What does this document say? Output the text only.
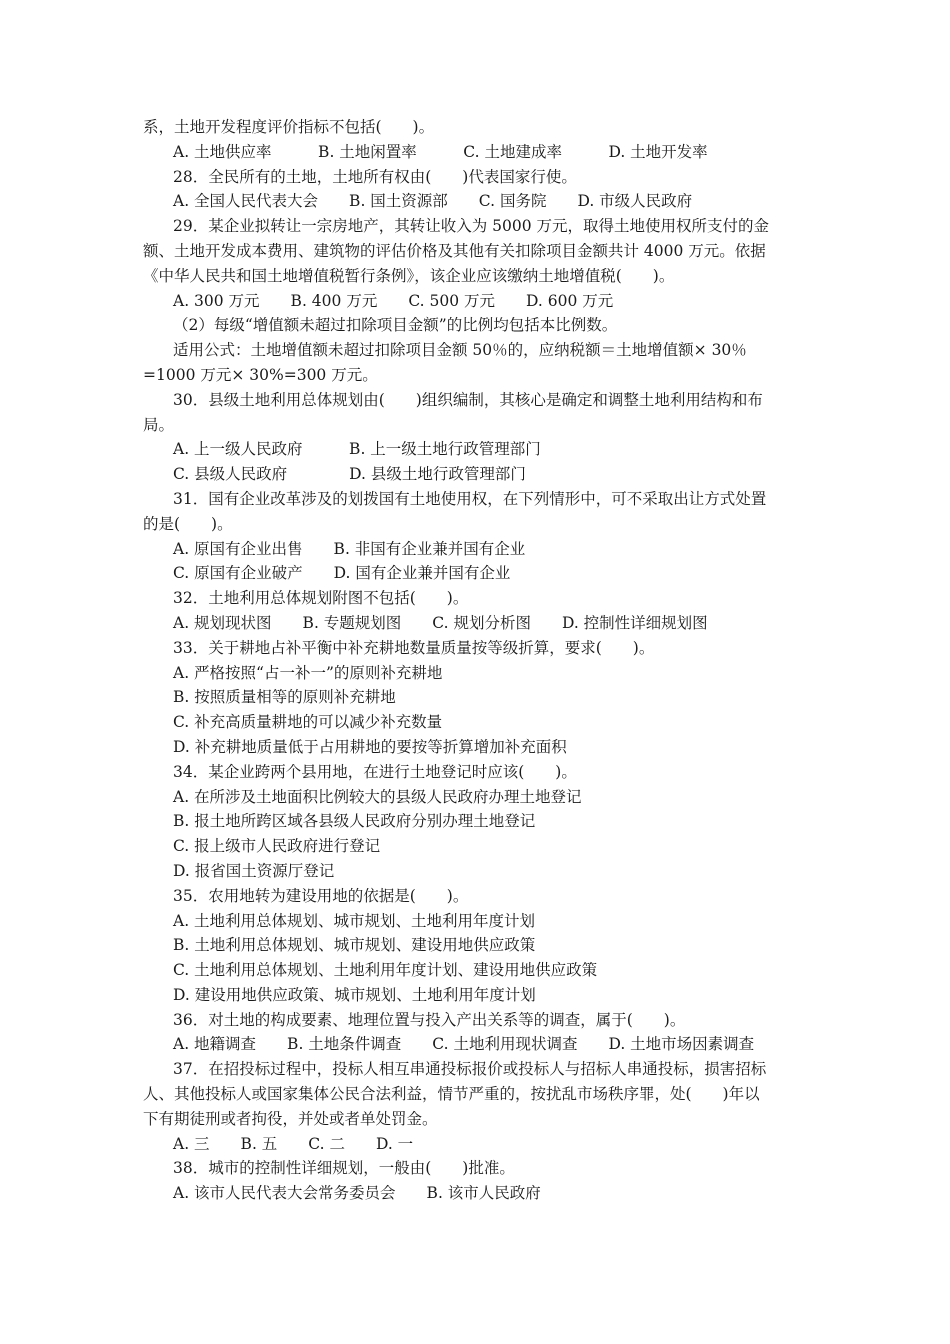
系，土地开发程度评价指标不包括(　　)。
A. 土地供应率　　　B. 土地闲置率　　　C. 土地建成率　　　D. 土地开发率
28．全民所有的土地，土地所有权由(　　)代表国家行使。
A. 全国人民代表大会　　B. 国土资源部　　C. 国务院　　D. 市级人民政府
29．某企业拟转让一宗房地产，其转让收入为 5000 万元，取得土地使用权所支付的金
额、土地开发成本费用、建筑物的评估价格及其他有关扣除项目金额共计 4000 万元。依据
《中华人民共和国土地增值税暂行条例》，该企业应该缴纳土地增值税(　　)。
A. 300 万元　　B. 400 万元　　C. 500 万元　　D. 600 万元
（2）每级“增值额未超过扣除项目金额”的比例均包括本比例数。
适用公式：土地增值额未超过扣除项目金额 50％的，应纳税额＝土地增值额× 30％
=1000 万元× 30%=300 万元。
30．县级土地利用总体规划由(　　)组织编制，其核心是确定和调整土地利用结构和布
局。
A. 上一级人民政府　　　B. 上一级土地行政管理部门
C. 县级人民政府　　　　D. 县级土地行政管理部门
31．国有企业改革涉及的划拨国有土地使用权，在下列情形中，可不采取出让方式处置
的是(　　)。
A. 原国有企业出售　　B. 非国有企业兼并国有企业
C. 原国有企业破产　　D. 国有企业兼并国有企业
32．土地利用总体规划附图不包括(　　)。
A. 规划现状图　　B. 专题规划图　　C. 规划分析图　　D. 控制性详细规划图
33．关于耕地占补平衡中补充耕地数量质量按等级折算，要求(　　)。
A. 严格按照“占一补一”的原则补充耕地
B. 按照质量相等的原则补充耕地
C. 补充高质量耕地的可以减少补充数量
D. 补充耕地质量低于占用耕地的要按等折算增加补充面积
34．某企业跨两个县用地，在进行土地登记时应该(　　)。
A. 在所涉及土地面积比例较大的县级人民政府办理土地登记
B. 报土地所跨区域各县级人民政府分别办理土地登记
C. 报上级市人民政府进行登记
D. 报省国土资源厅登记
35．农用地转为建设用地的依据是(　　)。
A. 土地利用总体规划、城市规划、土地利用年度计划
B. 土地利用总体规划、城市规划、建设用地供应政策
C. 土地利用总体规划、土地利用年度计划、建设用地供应政策
D. 建设用地供应政策、城市规划、土地利用年度计划
36．对土地的构成要素、地理位置与投入产出关系等的调查，属于(　　)。
A. 地籍调查　　B. 土地条件调查　　C. 土地利用现状调查　　D. 土地市场因素调查
37．在招投标过程中，投标人相互串通投标报价或投标人与招标人串通投标，损害招标
人、其他投标人或国家集体公民合法利益，情节严重的，按扰乱市场秩序罪，处(　　)年以
下有期徒刑或者拘役，并处或者单处罚金。
A. 三　　B. 五　　C. 二　　D. 一
38．城市的控制性详细规划，一般由(　　)批准。
A. 该市人民代表大会常务委员会　　B. 该市人民政府
